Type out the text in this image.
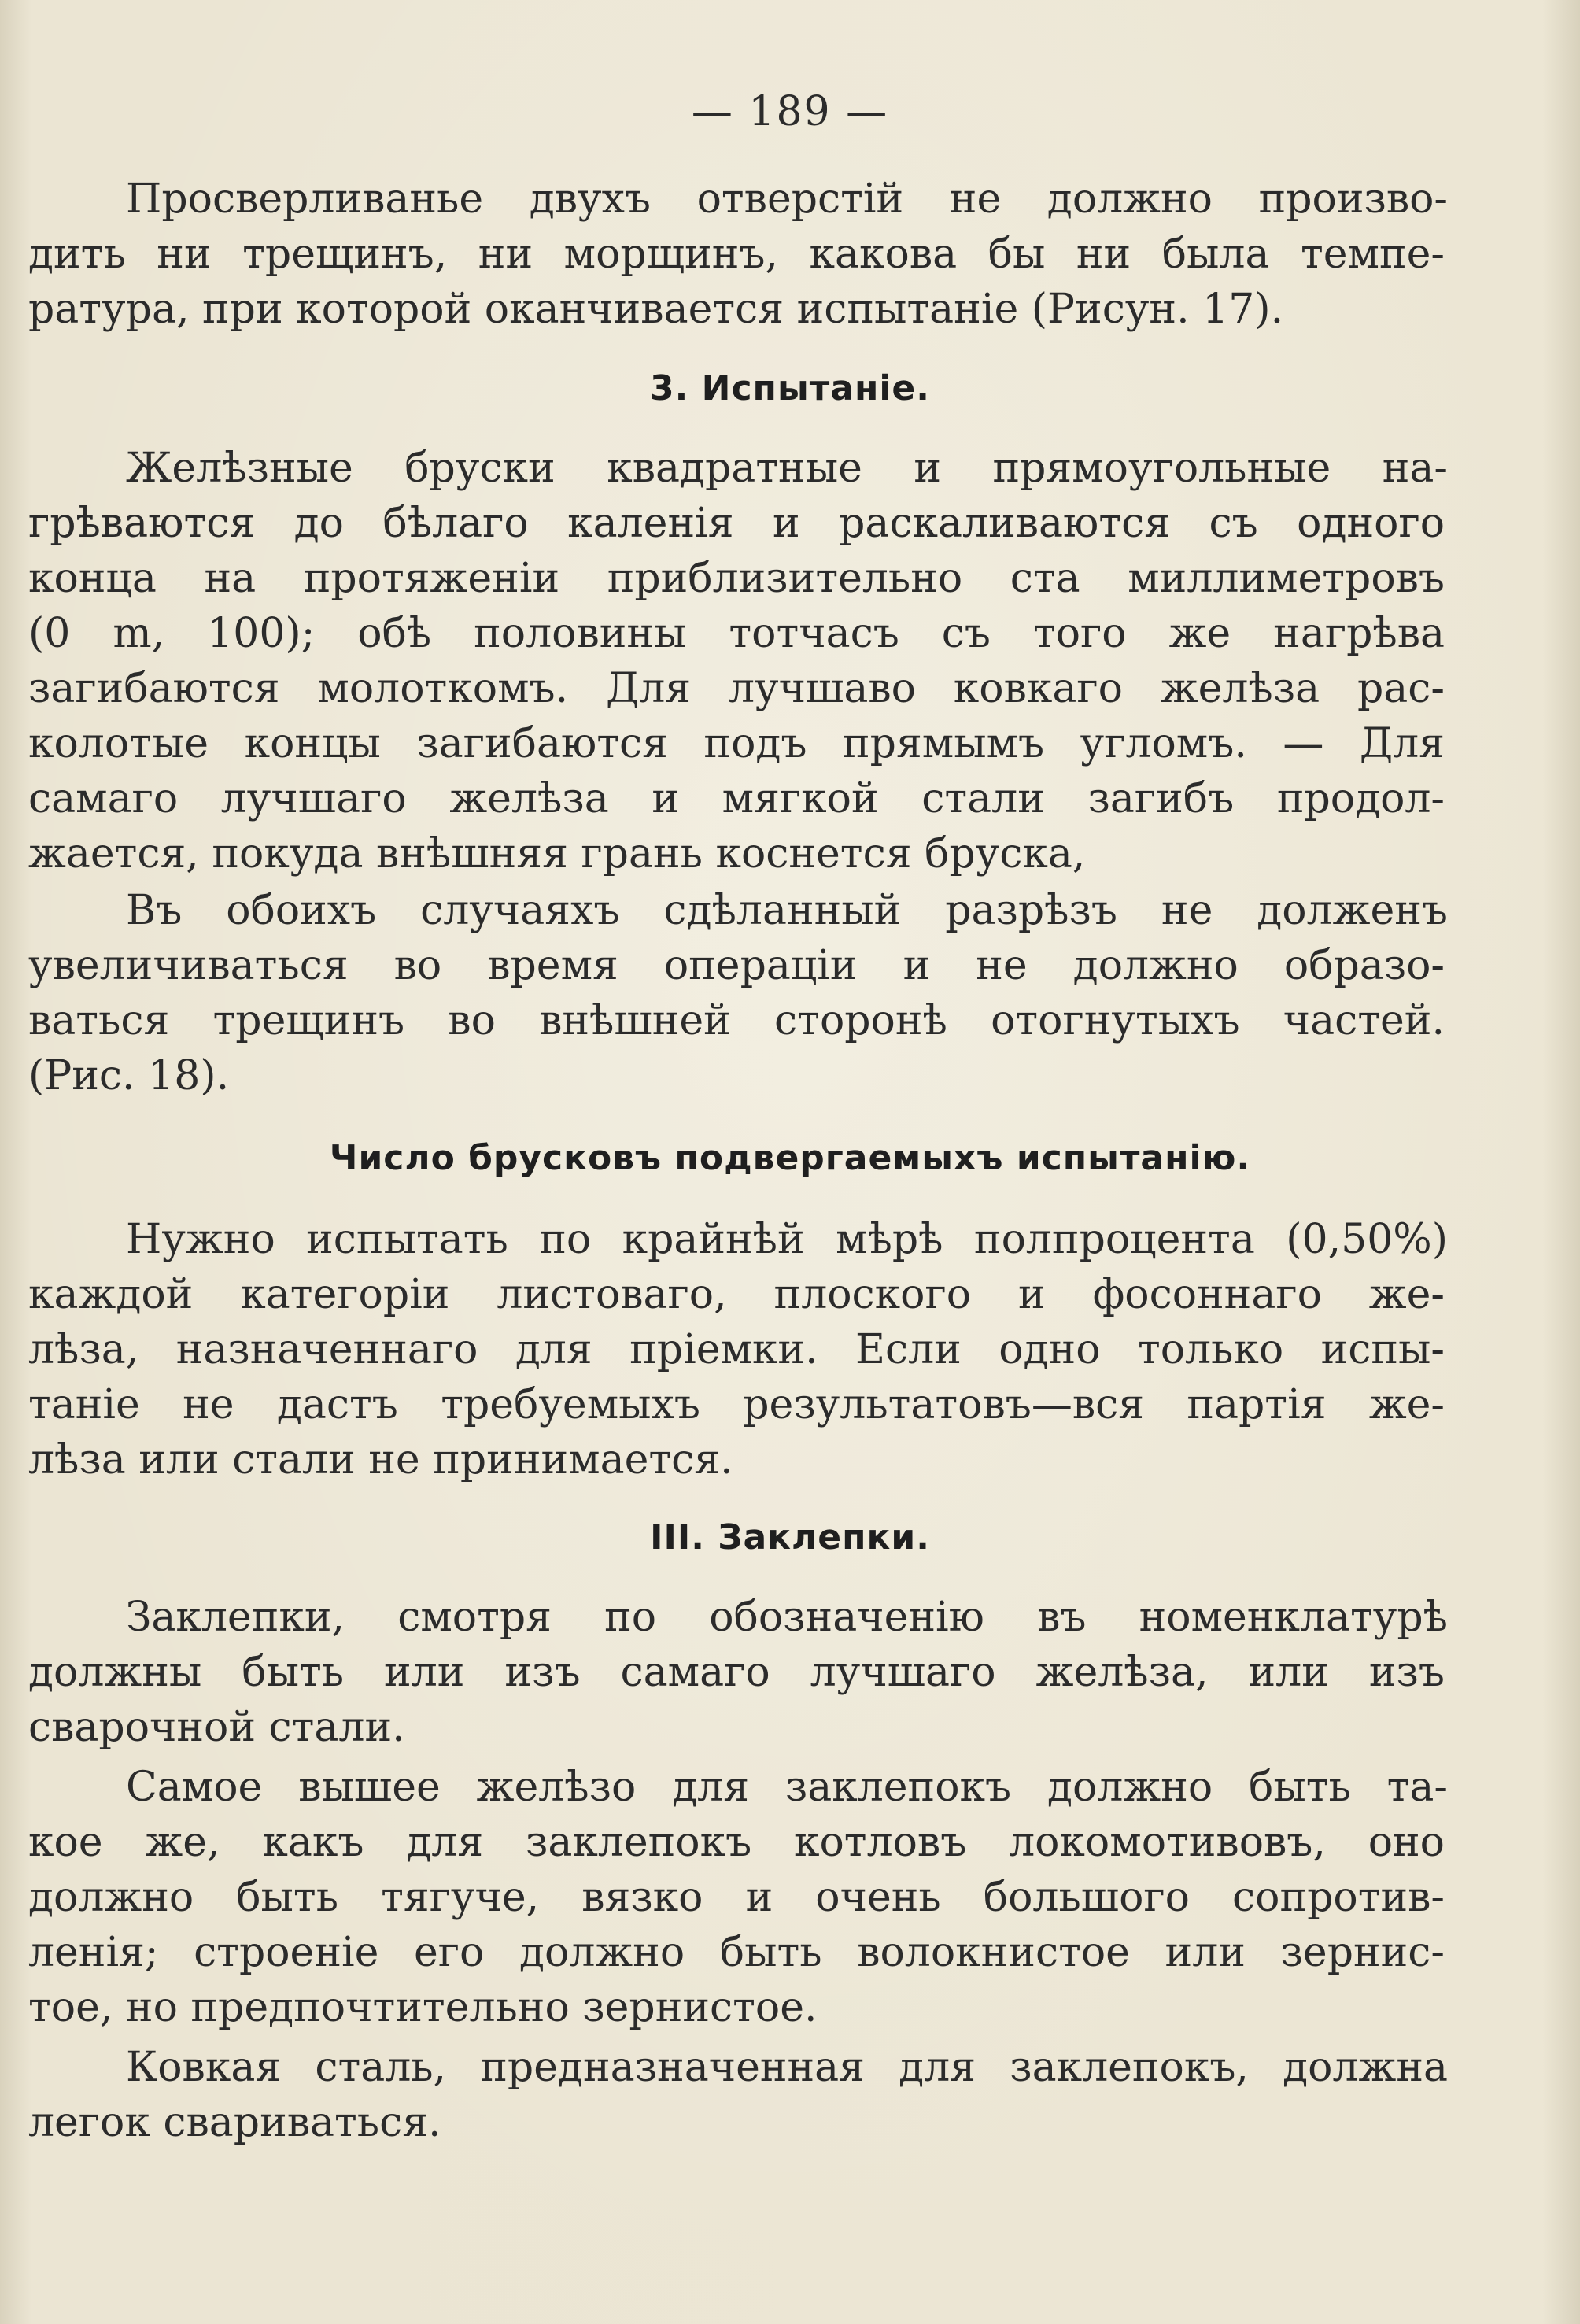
— 189 —
Просверливанье двухъ отверстій не должно произво-
дить ни трещинъ, ни морщинъ, какова бы ни была темпе-
ратура, при которой оканчивается испытаніе (Рисун. 17).
3. Испытаніе.
Желѣзные бруски квадратные и прямоугольные на-
грѣваются до бѣлаго каленія и раскаливаются съ одного
конца на протяженіи приблизительно ста миллиметровъ
(0 m, 100); обѣ половины тотчасъ съ того же нагрѣва
загибаются молоткомъ. Для лучшаво ковкаго желѣза рас-
колотые концы загибаются подъ прямымъ угломъ. — Для
самаго лучшаго желѣза и мягкой стали загибъ продол-
жается, покуда внѣшняя грань коснется бруска,
Въ обоихъ случаяхъ сдѣланный разрѣзъ не долженъ
увеличиваться во время операціи и не должно образо-
ваться трещинъ во внѣшней сторонѣ отогнутыхъ частей.
(Рис. 18).
Число брусковъ подвергаемыхъ испытанію.
Нужно испытать по крайнѣй мѣрѣ полпроцента (0,50%)
каждой категоріи листоваго, плоского и фосоннаго же-
лѣза, назначеннаго для пріемки. Если одно только испы-
таніе не дастъ требуемыхъ результатовъ—вся партія же-
лѣза или стали не принимается.
III. Заклепки.
Заклепки, смотря по обозначенію въ номенклатурѣ
должны быть или изъ самаго лучшаго желѣза, или изъ
сварочной стали.
Самое вышее желѣзо для заклепокъ должно быть та-
кое же, какъ для заклепокъ котловъ локомотивовъ, оно
должно быть тягуче, вязко и очень большого сопротив-
ленія; строеніе его должно быть волокнистое или зернис-
тое, но предпочтительно зернистое.
Ковкая сталь, предназначенная для заклепокъ, должна
легок свариваться.
